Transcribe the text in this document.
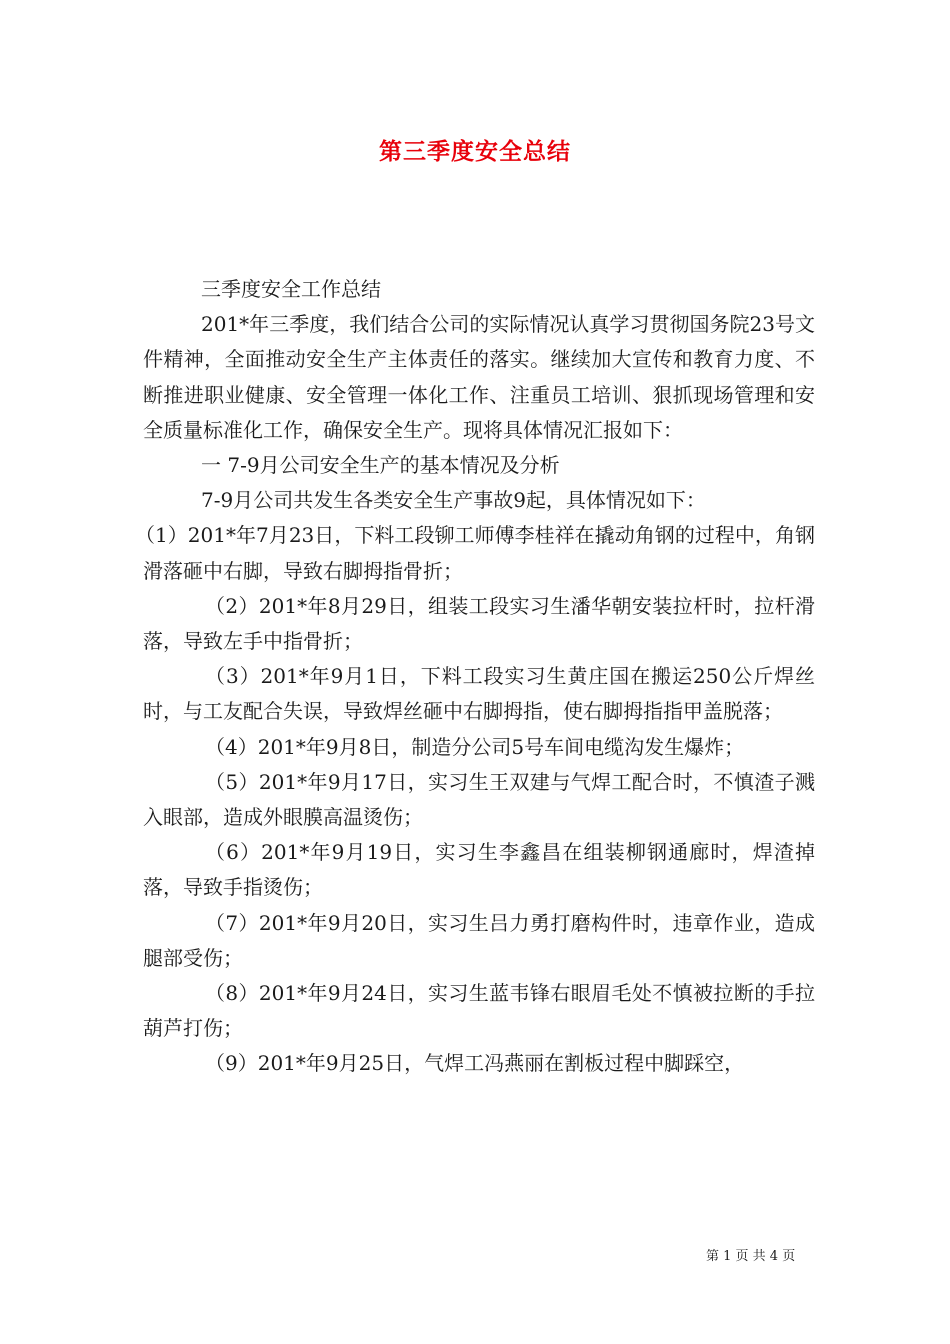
第三季度安全总结

三季度安全工作总结

201*年三季度，我们结合公司的实际情况认真学习贯彻国务院23号文件精神，全面推动安全生产主体责任的落实。继续加大宣传和教育力度、不断推进职业健康、安全管理一体化工作、注重员工培训、狠抓现场管理和安全质量标准化工作，确保安全生产。现将具体情况汇报如下：

一 7-9月公司安全生产的基本情况及分析

7-9月公司共发生各类安全生产事故9起，具体情况如下：

（1）201*年7月23日，下料工段铆工师傅李桂祥在撬动角钢的过程中，角钢滑落砸中右脚，导致右脚拇指骨折；

（2）201*年8月29日，组装工段实习生潘华朝安装拉杆时，拉杆滑落，导致左手中指骨折；

（3）201*年9月1日，下料工段实习生黄庄国在搬运250公斤焊丝时，与工友配合失误，导致焊丝砸中右脚拇指，使右脚拇指指甲盖脱落；

（4）201*年9月8日，制造分公司5号车间电缆沟发生爆炸；

（5）201*年9月17日，实习生王双建与气焊工配合时，不慎渣子溅入眼部，造成外眼膜高温烫伤；

（6）201*年9月19日，实习生李鑫昌在组装柳钢通廊时，焊渣掉落，导致手指烫伤；

（7）201*年9月20日，实习生吕力勇打磨构件时，违章作业，造成腿部受伤；

（8）201*年9月24日，实习生蓝韦锋右眼眉毛处不慎被拉断的手拉葫芦打伤；

（9）201*年9月25日，气焊工冯燕丽在割板过程中脚踩空，

第 1 页 共 4 页
